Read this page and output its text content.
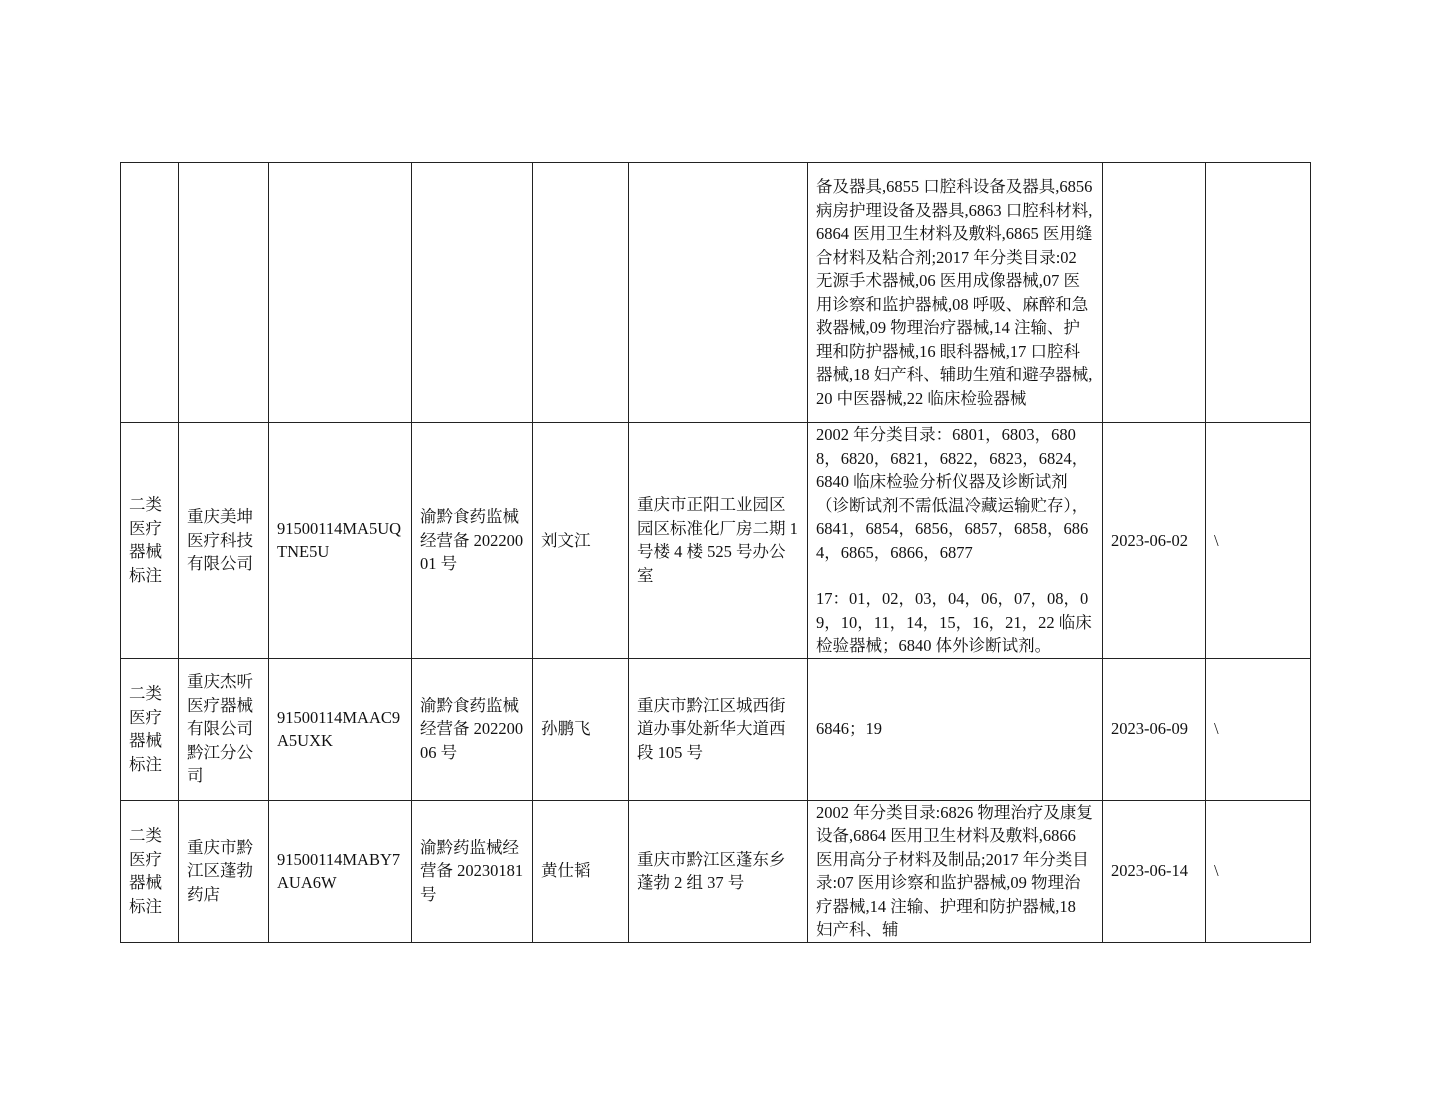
						备及器具,6855 口腔科设备及器具,6856 病房护理设备及器具,6863 口腔科材料,6864 医用卫生材料及敷料,6865 医用缝合材料及粘合剂;2017 年分类目录:02 无源手术器械,06 医用成像器械,07 医用诊察和监护器械,08 呼吸、麻醉和急救器械,09 物理治疗器械,14 注输、护理和防护器械,16 眼科器械,17 口腔科器械,18 妇产科、辅助生殖和避孕器械,20 中医器械,22 临床检验器械		

二类医疗器械标注	重庆美坤医疗科技有限公司	91500114MA5UQTNE5U	渝黔食药监械经营备 20220001 号	刘文江	重庆市正阳工业园区园区标准化厂房二期 1 号楼 4 楼 525 号办公室	2002 年分类目录：6801，6803，6808，6820，6821，6822，6823，6824，6840 临床检验分析仪器及诊断试剂（诊断试剂不需低温冷藏运输贮存），6841，6854，6856，6857，6858，6864，6865，6866，6877
17：01，02，03，04，06，07，08，09，10，11，14，15，16，21，22 临床检验器械；6840 体外诊断试剂。	2023-06-02	\
二类医疗器械标注	重庆杰听医疗器械有限公司黔江分公司	91500114MAAC9A5UXK	渝黔食药监械经营备 20220006 号	孙鹏飞	重庆市黔江区城西街道办事处新华大道西段 105 号	6846；19	2023-06-09	\
二类医疗器械标注	重庆市黔江区蓬勃药店	91500114MABY7AUA6W	渝黔药监械经营备 20230181 号	黄仕韬	重庆市黔江区蓬东乡蓬勃 2 组 37 号	2002 年分类目录:6826 物理治疗及康复设备,6864 医用卫生材料及敷料,6866 医用高分子材料及制品;2017 年分类目录:07 医用诊察和监护器械,09 物理治疗器械,14 注输、护理和防护器械,18 妇产科、辅	2023-06-14	\
